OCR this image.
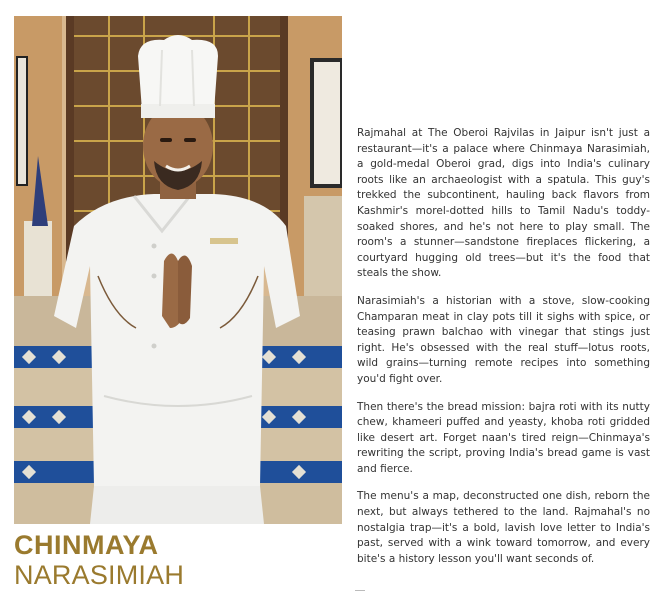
CHINMAYA
NARASIMIAH

Rajmahal at The Oberoi Rajvilas in Jaipur isn't just a restaurant—it's a palace where Chinmaya Narasimiah, a gold-medal Oberoi grad, digs into India's culinary roots like an archaeologist with a spatula. This guy's trekked the subcontinent, hauling back flavors from Kashmir's morel-dotted hills to Tamil Nadu's toddy-soaked shores, and he's not here to play small. The room's a stunner—sandstone fireplaces flickering, a courtyard hugging old trees—but it's the food that steals the show.

Narasimiah's a historian with a stove, slow-cooking Champaran meat in clay pots till it sighs with spice, or teasing prawn balchao with vinegar that stings just right. He's obsessed with the real stuff—lotus roots, wild grains—turning remote recipes into something you'd fight over.

Then there's the bread mission: bajra roti with its nutty chew, khameeri puffed and yeasty, khoba roti gridded like desert art. Forget naan's tired reign—Chinmaya's rewriting the script, proving India's bread game is vast and fierce.

The menu's a map, deconstructed one dish, reborn the next, but always tethered to the land. Rajmahal's no nostalgia trap—it's a bold, lavish love letter to India's past, served with a wink toward tomorrow, and every bite's a history lesson you'll want seconds of.
